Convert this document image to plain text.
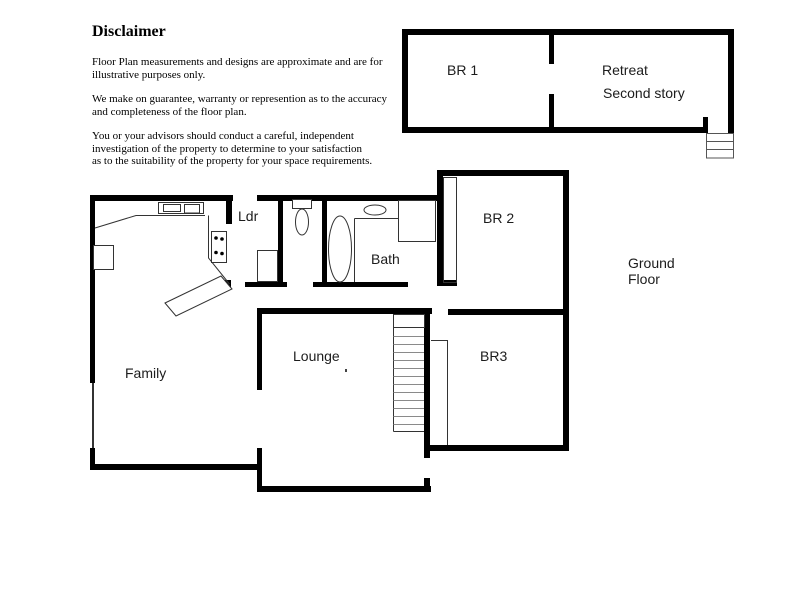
Disclaimer
Floor Plan measurements and designs are approximate and are for
illustrative purposes only.
We make on guarantee, warranty or represention as to the accuracy
and completeness of the floor plan.
You or your advisors should conduct a careful, independent
investigation of the property to determine to your satisfaction
as to the suitability of the property for your space requirements.
BR 1	Retreat
Second story
Ldr
Bath
BR 2
BR3
Lounge
Family
Ground
Floor
